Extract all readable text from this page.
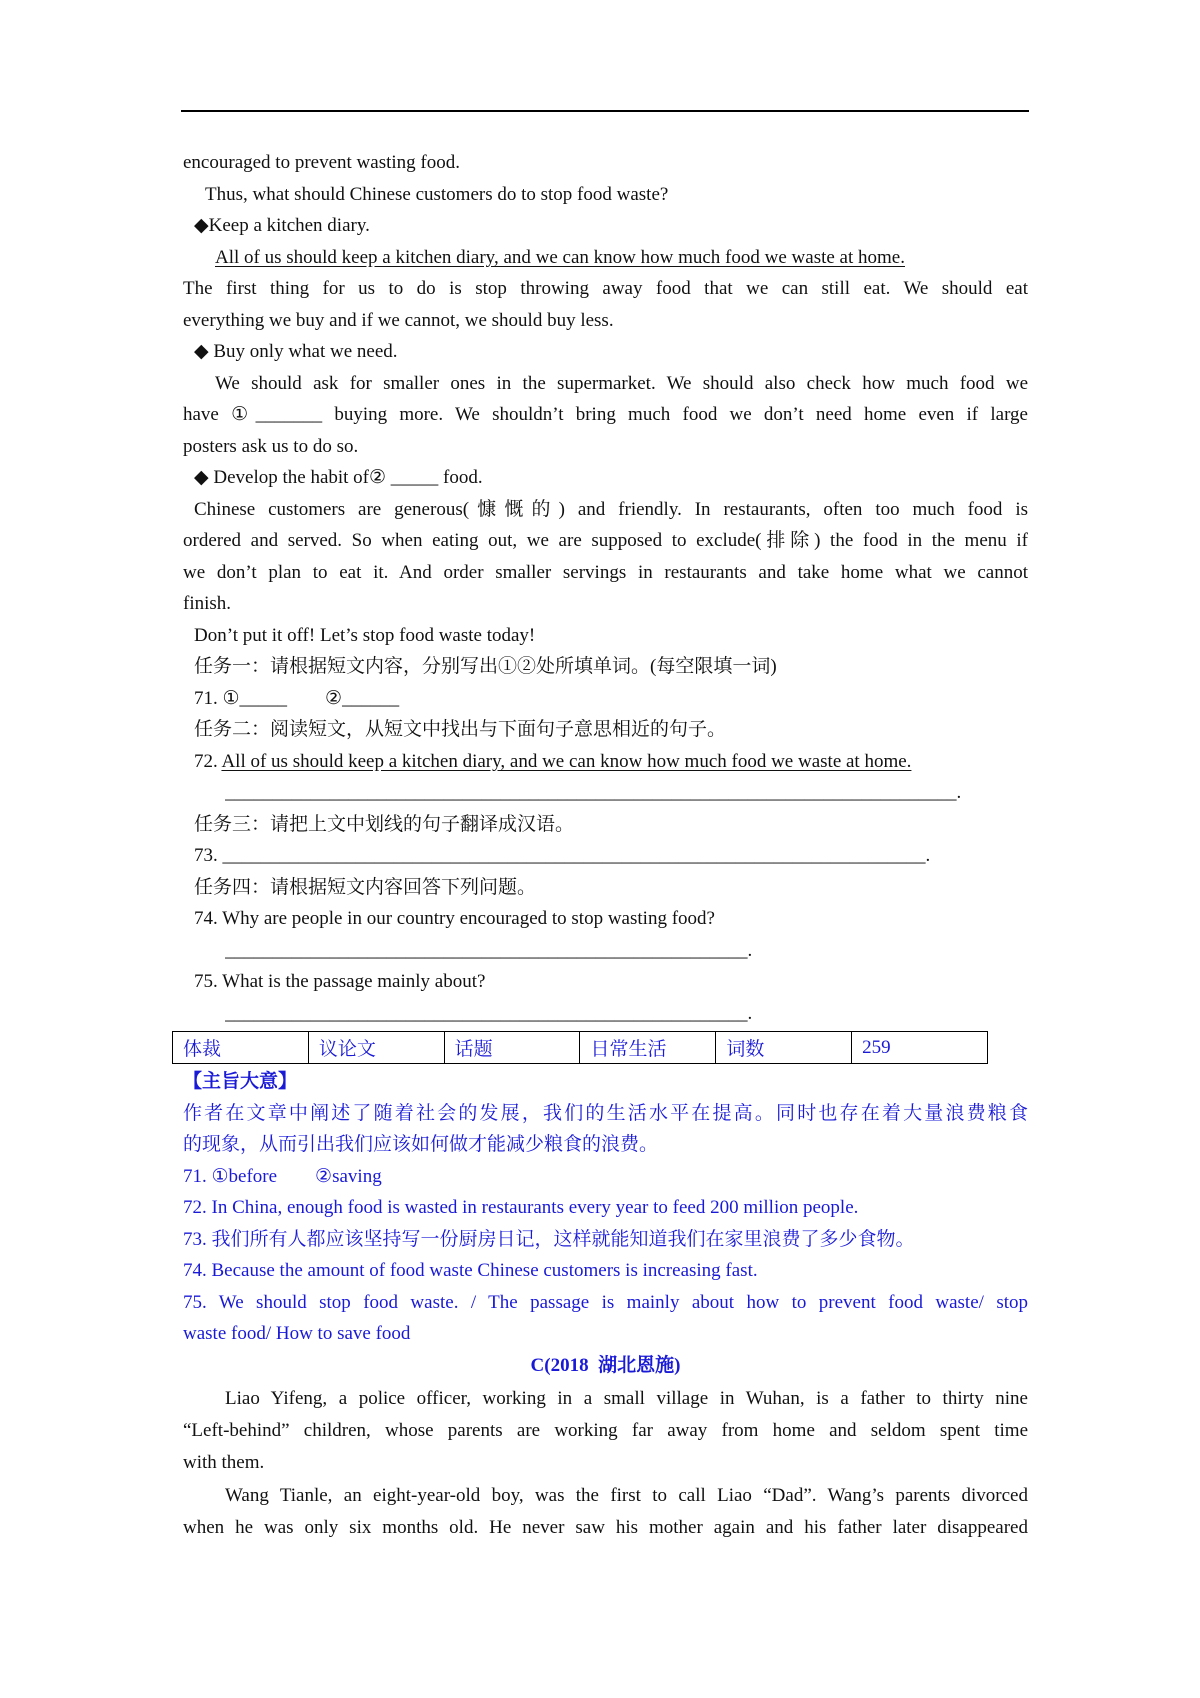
encouraged to prevent wasting food.
Thus, what should Chinese customers do to stop food waste?
◆Keep a kitchen diary.
All of us should keep a kitchen diary, and we can know how much food we waste at home.
The first thing for us to do is stop throwing away food that we can still eat. We should eat
everything we buy and if we cannot, we should buy less.
◆ Buy only what we need.
We should ask for smaller ones in the supermarket. We should also check how much food we
have ①_______ buying more. We shouldn’t bring much food we don’t need home even if large
posters ask us to do so.
◆ Develop the habit of② _____ food.
Chinese customers are generous(慷慨的) and friendly. In restaurants, often too much food is
ordered and served. So when eating out, we are supposed to exclude(排除) the food in the menu if
we don’t plan to eat it. And order smaller servings in restaurants and take home what we cannot
finish.
Don’t put it off! Let’s stop food waste today!
任务一：请根据短文内容，分别写出①②处所填单词。(每空限填一词)
71. ①_____        ②______
任务二：阅读短文，从短文中找出与下面句子意思相近的句子。
72. All of us should keep a kitchen diary, and we can know how much food we waste at home.
_____________________________________________________________________________.
任务三：请把上文中划线的句子翻译成汉语。
73. __________________________________________________________________________.
任务四：请根据短文内容回答下列问题。
74. Why are people in our country encouraged to stop wasting food?
_______________________________________________________.
75. What is the passage mainly about?
_______________________________________________________.
体裁	议论文	话题	日常生活	词数	259
【主旨大意】
作者在文章中阐述了随着社会的发展，我们的生活水平在提高。同时也存在着大量浪费粮食
的现象，从而引出我们应该如何做才能减少粮食的浪费。
71. ①before        ②saving
72. In China, enough food is wasted in restaurants every year to feed 200 million people.
73. 我们所有人都应该坚持写一份厨房日记，这样就能知道我们在家里浪费了多少食物。
74. Because the amount of food waste Chinese customers is increasing fast.
75. We should stop food waste. / The passage is mainly about how to prevent food waste/ stop
waste food/ How to save food
C(2018  湖北恩施)
Liao Yifeng, a police officer, working in a small village in Wuhan, is a father to thirty nine
“Left-behind” children, whose parents are working far away from home and seldom spent time
with them.
Wang Tianle, an eight-year-old boy, was the first to call Liao “Dad”. Wang’s parents divorced
when he was only six months old. He never saw his mother again and his father later disappeared
